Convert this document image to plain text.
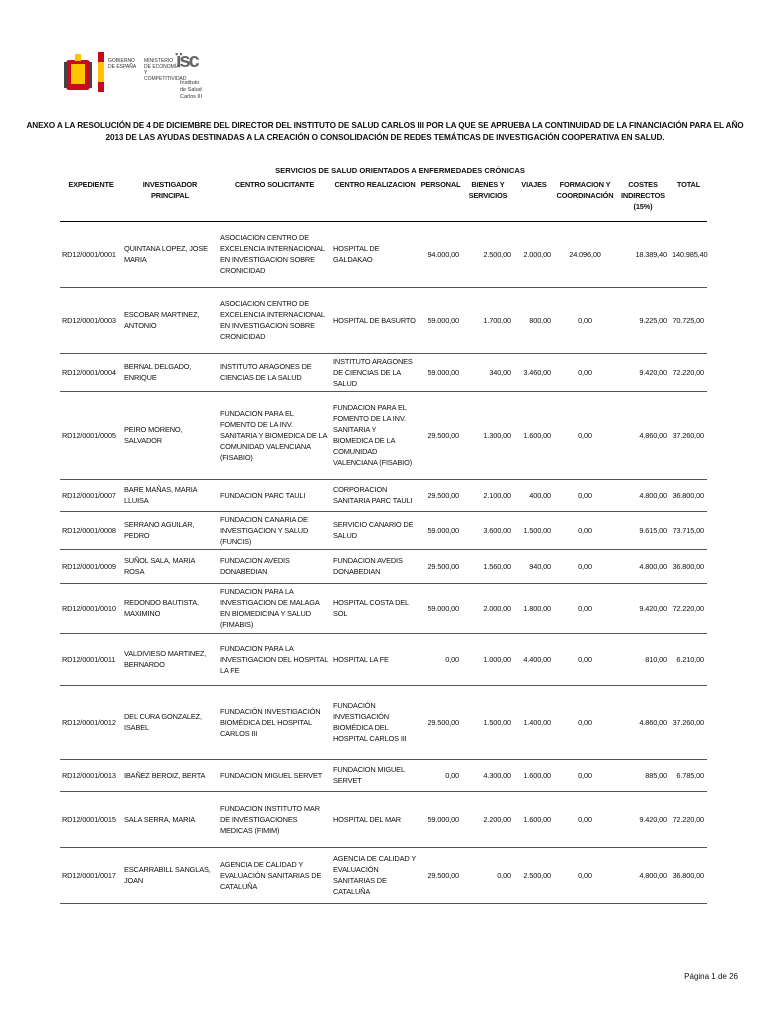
GOBIERNO
DE ESPAÑA
MINISTERIO
DE ECONOMÍA
Y COMPETITIVIDAD
ïsc
Instituto
de Salud
Carlos III
ANEXO A LA RESOLUCIÓN DE 4 DE DICIEMBRE DEL DIRECTOR DEL INSTITUTO DE SALUD CARLOS III POR LA QUE SE APRUEBA LA CONTINUIDAD DE LA FINANCIACIÓN PARA EL AÑO 2013 DE LAS AYUDAS DESTINADAS A LA CREACIÓN O CONSOLIDACIÓN DE REDES TEMÁTICAS DE INVESTIGACIÓN COOPERATIVA EN SALUD.
SERVICIOS DE SALUD ORIENTADOS A ENFERMEDADES CRÓNICAS
EXPEDIENTE	INVESTIGADOR PRINCIPAL	CENTRO SOLICITANTE	CENTRO REALIZACION	PERSONAL	BIENES Y SERVICIOS	VIAJES	FORMACION Y COORDINACIÓN	COSTES INDIRECTOS (15%)	TOTAL
RD12/0001/0001	QUINTANA LOPEZ, JOSE MARIA	ASOCIACION CENTRO DE EXCELENCIA INTERNACIONAL EN INVESTIGACION SOBRE CRONICIDAD	HOSPITAL DE GALDAKAO	94.000,00	2.500,00	2.000,00	24.096,00	18.389,40	140.985,40
RD12/0001/0003	ESCOBAR MARTINEZ, ANTONIO	ASOCIACION CENTRO DE EXCELENCIA INTERNACIONAL EN INVESTIGACION SOBRE CRONICIDAD	HOSPITAL DE BASURTO	59.000,00	1.700,00	800,00	0,00	9.225,00	70.725,00
RD12/0001/0004	BERNAL DELGADO, ENRIQUE	INSTITUTO ARAGONES DE CIENCIAS DE LA SALUD	INSTITUTO ARAGONES DE CIENCIAS DE LA SALUD	59.000,00	340,00	3.460,00	0,00	9.420,00	72.220,00
RD12/0001/0005	PEIRO MORENO, SALVADOR	FUNDACION PARA EL FOMENTO DE LA INV. SANITARIA Y BIOMEDICA DE LA COMUNIDAD VALENCIANA (FISABIO)	FUNDACION PARA EL FOMENTO DE LA INV. SANITARIA Y BIOMEDICA DE LA COMUNIDAD VALENCIANA (FISABIO)	29.500,00	1.300,00	1.600,00	0,00	4.860,00	37.260,00
RD12/0001/0007	BARE MAÑAS, MARIA LLUISA	FUNDACION PARC TAULI	CORPORACION SANITARIA PARC TAULI	29.500,00	2.100,00	400,00	0,00	4.800,00	36.800,00
RD12/0001/0008	SERRANO AGUILAR, PEDRO	FUNDACION CANARIA DE INVESTIGACION Y SALUD (FUNCIS)	SERVICIO CANARIO DE SALUD	59.000,00	3.600,00	1.500,00	0,00	9.615,00	73.715,00
RD12/0001/0009	SUÑOL SALA, MARIA ROSA	FUNDACION AVEDIS DONABEDIAN	FUNDACION AVEDIS DONABEDIAN	29.500,00	1.560,00	940,00	0,00	4.800,00	36.800,00
RD12/0001/0010	REDONDO BAUTISTA, MAXIMINO	FUNDACION PARA LA INVESTIGACION DE MALAGA EN BIOMEDICINA Y SALUD (FIMABIS)	HOSPITAL COSTA DEL SOL	59.000,00	2.000,00	1.800,00	0,00	9.420,00	72.220,00
RD12/0001/0011	VALDIVIESO MARTINEZ, BERNARDO	FUNDACION PARA LA INVESTIGACION DEL HOSPITAL LA FE	HOSPITAL LA FE	0,00	1.000,00	4.400,00	0,00	810,00	6.210,00
RD12/0001/0012	DEL CURA GONZALEZ, ISABEL	FUNDACIÓN INVESTIGACIÓN BIOMÉDICA DEL HOSPITAL CARLOS III	FUNDACIÓN INVESTIGACIÓN BIOMÉDICA DEL HOSPITAL CARLOS III	29.500,00	1.500,00	1.400,00	0,00	4.860,00	37.260,00
RD12/0001/0013	IBAÑEZ BEROIZ, BERTA	FUNDACION MIGUEL SERVET	FUNDACION MIGUEL SERVET	0,00	4.300,00	1.600,00	0,00	885,00	6.785,00
RD12/0001/0015	SALA SERRA, MARIA	FUNDACION INSTITUTO MAR DE INVESTIGACIONES MEDICAS (FIMIM)	HOSPITAL DEL MAR	59.000,00	2.200,00	1.600,00	0,00	9.420,00	72.220,00
RD12/0001/0017	ESCARRABILL SANGLAS, JOAN	AGENCIA DE CALIDAD Y EVALUACIÓN SANITARIAS DE CATALUÑA	AGENCIA DE CALIDAD Y EVALUACIÓN SANITARIAS DE CATALUÑA	29.500,00	0,00	2.500,00	0,00	4.800,00	36.800,00
Página 1 de 26
